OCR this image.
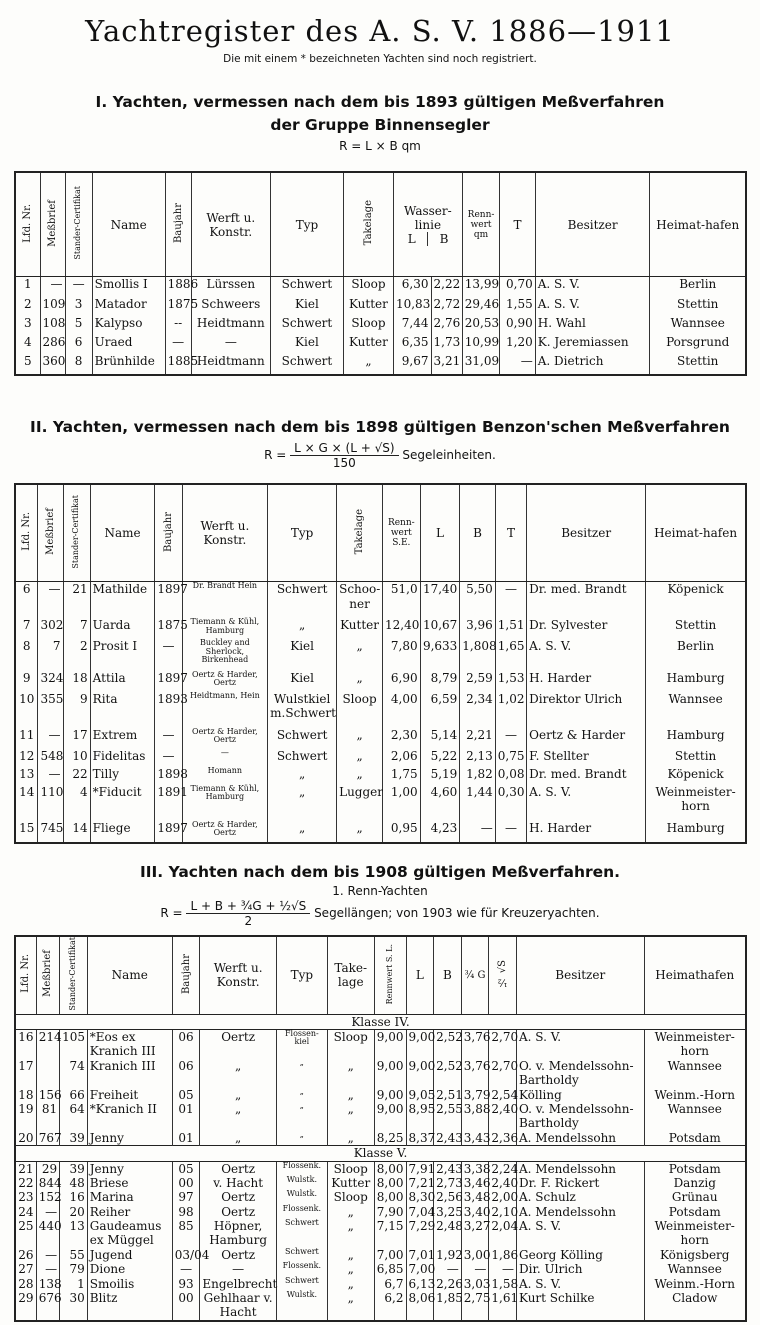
Yachtregister des A. S. V. 1886—1911
Die mit einem * bezeichneten Yachten sind noch registriert.
I. Yachten, vermessen nach dem bis 1893 gültigen Meßverfahren
der Gruppe Binnensegler
R = L × B qm
Lfd. Nr.	Meßbrief	Stander-Certifikat	Name	Baujahr	Werft u. Konstr.	Typ	Takelage	Wasser-linie
L B		Renn-wert qm	T	Besitzer	Heimat-hafen
1	—	—	Smollis I	1886	Lürssen	Schwert	Sloop	6,30	2,22	13,99	0,70	A. S. V.	Berlin
2	109	3	Matador	1875	Schweers	Kiel	Kutter	10,83	2,72	29,46	1,55	A. S. V.	Stettin
3	108	5	Kalypso	--	Heidtmann	Schwert	Sloop	7,44	2,76	20,53	0,90	H. Wahl	Wannsee
4	286	6	Uraed	—	—	Kiel	Kutter	6,35	1,73	10,99	1,20	K. Jeremiassen	Porsgrund
5	360	8	Brünhilde	1885	Heidtmann	Schwert	„	9,67	3,21	31,09	—	A. Dietrich	Stettin
II. Yachten, vermessen nach dem bis 1898 gültigen Benzon'schen Meßverfahren
$R = \frac{L \times G \times (L + √S)}{150}$ Segeleinheiten.
Lfd. Nr.	Meßbrief	Stander-Certifikat	Name	Baujahr	Werft u. Konstr.	Typ	Takelage	Renn-wert S.E.	L	B	T	Besitzer	Heimat-hafen
6	—	21	Mathilde	1897	Dr. Brandt Hein	Schwert	Schoo-ner	51,0	17,40	5,50	—	Dr. med. Brandt	Köpenick
7	302	7	Uarda	1875	Tiemann & Kühl, Hamburg	„	Kutter	12,40	10,67	3,96	1,51	Dr. Sylvester	Stettin
8	7	2	Prosit I	—	Buckley and Sherlock, Birkenhead	Kiel	„	7,80	9,633	1,808	1,65	A. S. V.	Berlin
9	324	18	Attila	1897	Oertz & Harder, Oertz	Kiel	„	6,90	8,79	2,59	1,53	H. Harder	Hamburg
10	355	9	Rita	1893	Heidtmann, Hein	Wulstkiel m.Schwert	Sloop	4,00	6,59	2,34	1,02	Direktor Ulrich	Wannsee
11	—	17	Extrem	—	Oertz & Harder, Oertz	Schwert	„	2,30	5,14	2,21	—	Oertz & Harder	Hamburg
12	548	10	Fidelitas	—	—	Schwert	„	2,06	5,22	2,13	0,75	F. Stellter	Stettin
13	—	22	Tilly	1898	Homann	„	„	1,75	5,19	1,82	0,08	Dr. med. Brandt	Köpenick
14	110	4	*Fiducit	1891	Tiemann & Kühl, Hamburg	„	Lugger	1,00	4,60	1,44	0,30	A. S. V.	Weinmeister-horn
15	745	14	Fliege	1897	Oertz & Harder, Oertz	„	„	0,95	4,23	—	—	H. Harder	Hamburg
III. Yachten nach dem bis 1908 gültigen Meßverfahren.
1. Renn-Yachten
$R = \frac{\text{L + B + ¾G + ½√S}}{2}$ Segellängen; von 1903 wie für Kreuzeryachten.
Lfd. Nr.	Meßbrief	Stander-Certifikat	Name	Baujahr	Werft u. Konstr.	Typ	Take-lage	Rennwert S. L.	L	B	¾ G	½ √S	Besitzer	Heimathafen
Klasse IV.														
16	214	105	*Eos ex Kranich III	06	Oertz	Flossen-kiel	Sloop	9,00	9,00	2,52	3,76	2,70	A. S. V.	Weinmeister-horn
17		74	Kranich III	06	„	„	„	9,00	9,00	2,52	3,76	2,70	O. v. Mendelssohn-Bartholdy	Wannsee
18	156	66	Freiheit	05	„	„	„	9,00	9,05	2,51	3,79	2,54	Kölling	Weinm.-Horn
19	81	64	*Kranich II	01	„	„	„	9,00	8,95	2,55	3,88	2,40	O. v. Mendelssohn-Bartholdy	Wannsee
20	767	39	Jenny	01	„	„	„	8,25	8,37	2,43	3,43	2,36	A. Mendelssohn	Potsdam
Klasse V.														
21	29	39	Jenny	05	Oertz	Flossenk.	Sloop	8,00	7,91	2,43	3,38	2,24	A. Mendelssohn	Potsdam
22	844	48	Briese	00	v. Hacht	Wulstk.	Kutter	8,00	7,21	2,73	3,46	2,40	Dr. F. Rickert	Danzig
23	152	16	Marina	97	Oertz	Wulstk.	Sloop	8,00	8,30	2,56	3,48	2,00	A. Schulz	Grünau
24	—	20	Reiher	98	Oertz	Flossenk.	„	7,90	7,04	3,25	3,40	2,10	A. Mendelssohn	Potsdam
25	440	13	Gaudeamus ex Müggel	85	Höpner, Hamburg	Schwert	„	7,15	7,29	2,48	3,27	2,04	A. S. V.	Weinmeister-horn
26	—	55	Jugend	03/04	Oertz	Schwert	„	7,00	7,01	1,92	3,00	1,86	Georg Kölling	Königsberg
27	—	79	Dione	—	—	Flossenk.	„	6,85	7,00	—	—	—	Dir. Ulrich	Wannsee
28	138	1	Smoilis	93	Engelbrecht	Schwert	„	6,7	6,13	2,26	3,03	1,58	A. S. V.	Weinm.-Horn
29	676	30	Blitz	00	Gehlhaar v. Hacht	Wulstk.	„	6,2	8,06	1,85	2,75	1,61	Kurt Schilke	Cladow
